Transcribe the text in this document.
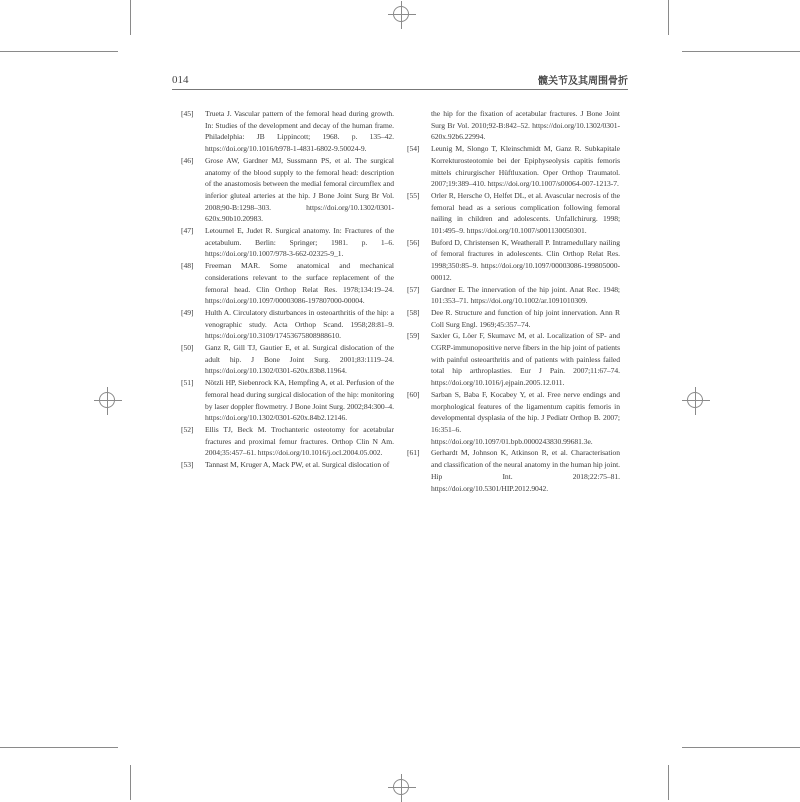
014	髋关节及其周围骨折
[45] Trueta J. Vascular pattern of the femoral head during growth. In: Studies of the development and decay of the human frame. Philadelphia: JB Lippincott; 1968. p. 135–42. https://doi.org/10.1016/b978-1-4831-6802-9.50024-9.
[46] Grose AW, Gardner MJ, Sussmann PS, et al. The surgical anatomy of the blood supply to the femoral head: description of the anastomosis between the medial femoral circumflex and inferior gluteal arteries at the hip. J Bone Joint Surg Br Vol. 2008;90-B:1298–303. https://doi.org/10.1302/0301-620x.90b10.20983.
[47] Letournel E, Judet R. Surgical anatomy. In: Fractures of the acetabulum. Berlin: Springer; 1981. p. 1–6. https://doi.org/10.1007/978-3-662-02325-9_1.
[48] Freeman MAR. Some anatomical and mechanical considerations relevant to the surface replacement of the femoral head. Clin Orthop Relat Res. 1978;134:19–24. https://doi.org/10.1097/00003086-197807000-00004.
[49] Hulth A. Circulatory disturbances in osteoarthritis of the hip: a venographic study. Acta Orthop Scand. 1958;28:81–9. https://doi.org/10.3109/17453675808988610.
[50] Ganz R, Gill TJ, Gautier E, et al. Surgical dislocation of the adult hip. J Bone Joint Surg. 2001;83:1119–24. https://doi.org/10.1302/0301-620x.83b8.11964.
[51] Nötzli HP, Siebenrock KA, Hempfing A, et al. Perfusion of the femoral head during surgical dislocation of the hip: monitoring by laser doppler flowmetry. J Bone Joint Surg. 2002;84:300–4. https://doi.org/10.1302/0301-620x.84b2.12146.
[52] Ellis TJ, Beck M. Trochanteric osteotomy for acetabular fractures and proximal femur fractures. Orthop Clin N Am. 2004;35:457–61. https://doi.org/10.1016/j.ocl.2004.05.002.
[53] Tannast M, Kruger A, Mack PW, et al. Surgical dislocation of
the hip for the fixation of acetabular fractures. J Bone Joint Surg Br Vol. 2010;92-B:842–52. https://doi.org/10.1302/0301-620x.92b6.22994.
[54] Leunig M, Slongo T, Kleinschmidt M, Ganz R. Subkapitale Korrekturosteotomie bei der Epiphyseolysis capitis femoris mittels chirurgischer Hüftluxation. Oper Orthop Traumatol. 2007;19:389–410. https://doi.org/10.1007/s00064-007-1213-7.
[55] Orler R, Hersche O, Helfet DL, et al. Avascular necrosis of the femoral head as a serious complication following femoral nailing in children and adolescents. Unfallchirurg. 1998; 101:495–9. https://doi.org/10.1007/s001130050301.
[56] Buford D, Christensen K, Weatherall P. Intramedullary nailing of femoral fractures in adolescents. Clin Orthop Relat Res. 1998;350:85–9. https://doi.org/10.1097/00003086-199805000-00012.
[57] Gardner E. The innervation of the hip joint. Anat Rec. 1948; 101:353–71. https://doi.org/10.1002/ar.1091010309.
[58] Dee R. Structure and function of hip joint innervation. Ann R Coll Surg Engl. 1969;45:357–74.
[59] Saxler G, Löer F, Skumavc M, et al. Localization of SP- and CGRP-immunopositive nerve fibers in the hip joint of patients with painful osteoarthritis and of patients with painless failed total hip arthroplasties. Eur J Pain. 2007;11:67–74. https://doi.org/10.1016/j.ejpain.2005.12.011.
[60] Sarban S, Baba F, Kocabey Y, et al. Free nerve endings and morphological features of the ligamentum capitis femoris in developmental dysplasia of the hip. J Pediatr Orthop B. 2007; 16:351–6. https://doi.org/10.1097/01.bpb.0000243830.99681.3e.
[61] Gerhardt M, Johnson K, Atkinson R, et al. Characterisation and classification of the neural anatomy in the human hip joint. Hip Int. 2018;22:75–81. https://doi.org/10.5301/HIP.2012.9042.
